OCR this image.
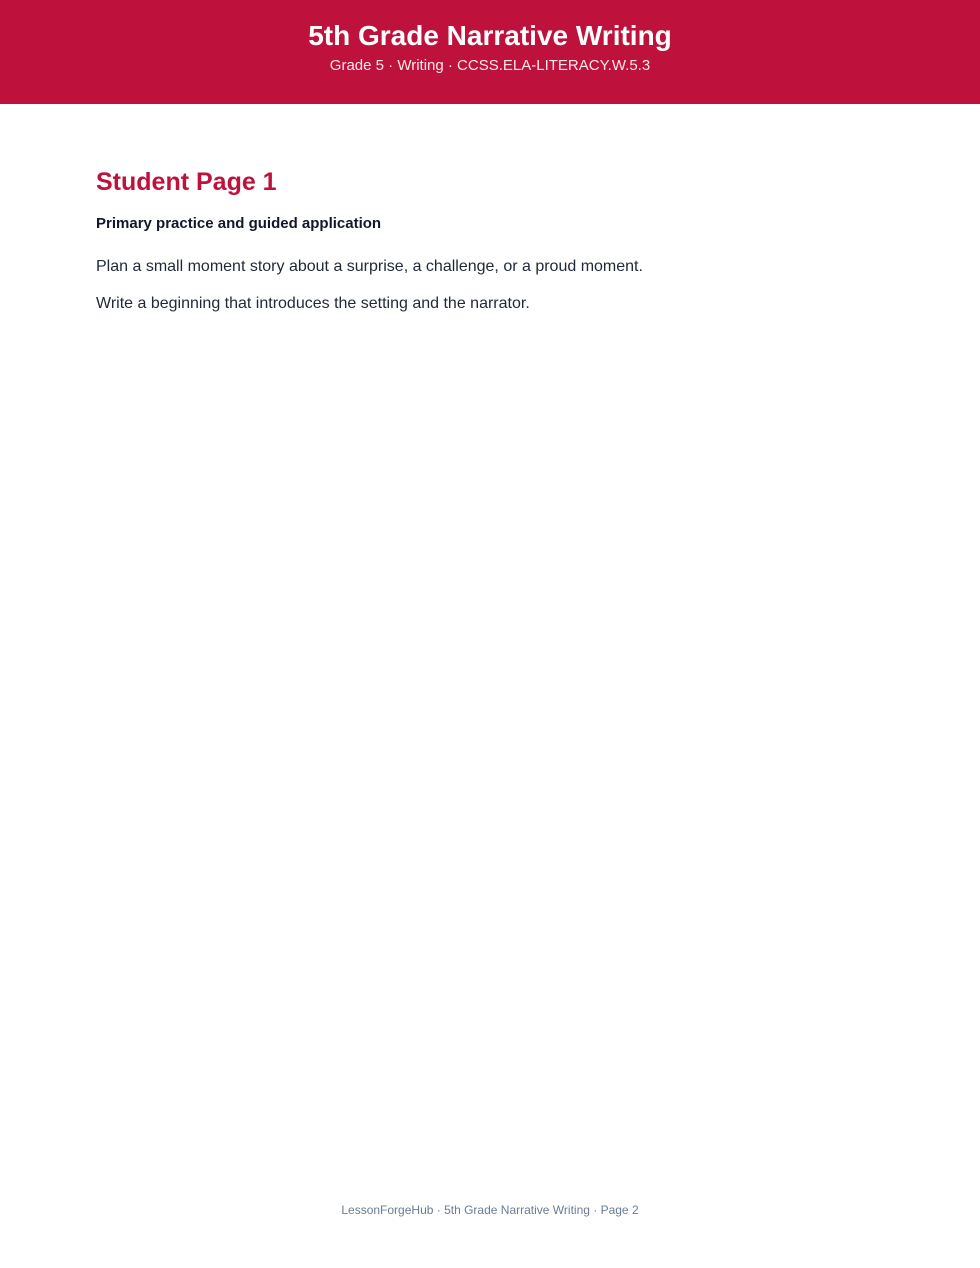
5th Grade Narrative Writing
Grade 5 · Writing · CCSS.ELA-LITERACY.W.5.3
Student Page 1
Primary practice and guided application

Plan a small moment story about a surprise, a challenge, or a proud moment.

Write a beginning that introduces the setting and the narrator.

LessonForgeHub · 5th Grade Narrative Writing · Page 2
